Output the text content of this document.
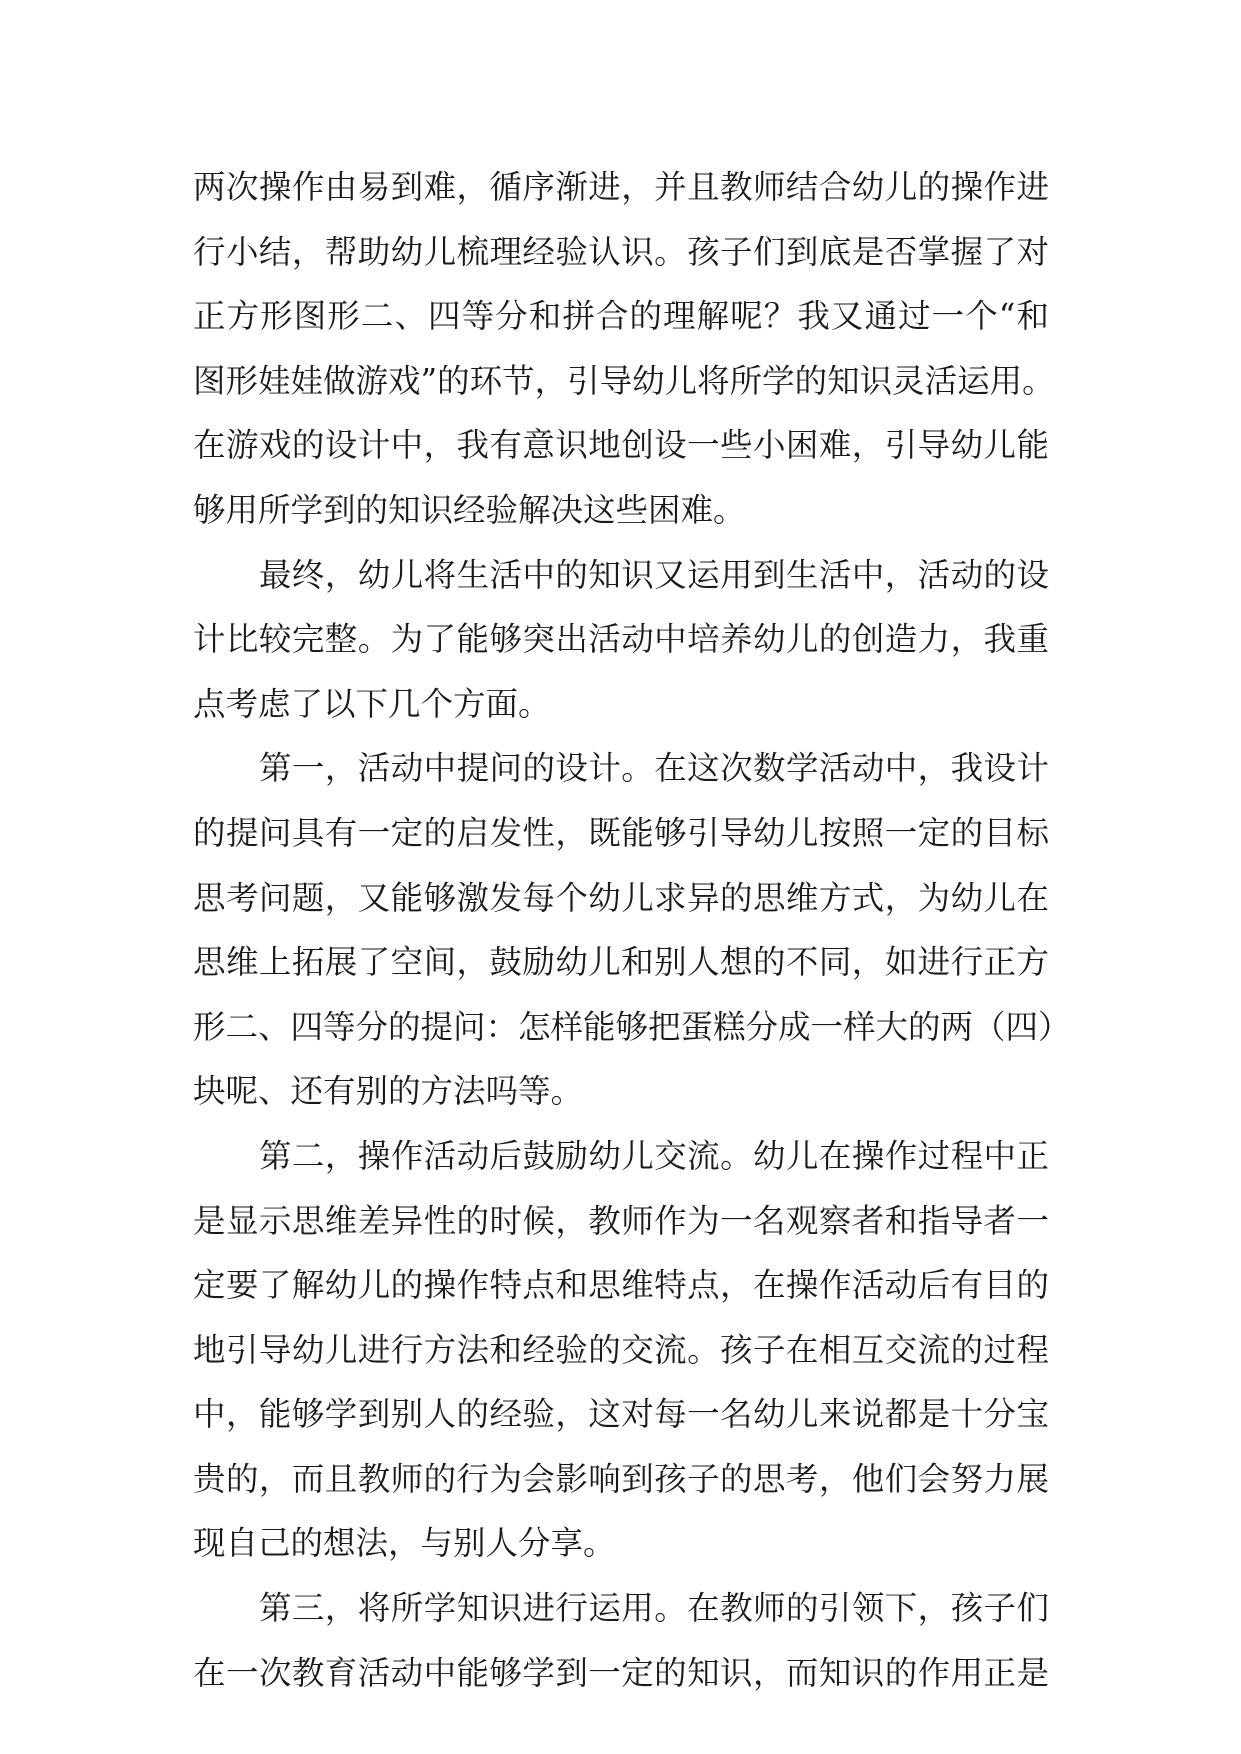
两次操作由易到难，循序渐进，并且教师结合幼儿的操作进
行小结，帮助幼儿梳理经验认识。孩子们到底是否掌握了对
正方形图形二、四等分和拼合的理解呢？我又通过一个“和
图形娃娃做游戏”的环节，引导幼儿将所学的知识灵活运用。
在游戏的设计中，我有意识地创设一些小困难，引导幼儿能
够用所学到的知识经验解决这些困难。
最终，幼儿将生活中的知识又运用到生活中，活动的设
计比较完整。为了能够突出活动中培养幼儿的创造力，我重
点考虑了以下几个方面。
第一，活动中提问的设计。在这次数学活动中，我设计
的提问具有一定的启发性，既能够引导幼儿按照一定的目标
思考问题，又能够激发每个幼儿求异的思维方式，为幼儿在
思维上拓展了空间，鼓励幼儿和别人想的不同，如进行正方
形二、四等分的提问：怎样能够把蛋糕分成一样大的两（四）
块呢、还有别的方法吗等。
第二，操作活动后鼓励幼儿交流。幼儿在操作过程中正
是显示思维差异性的时候，教师作为一名观察者和指导者一
定要了解幼儿的操作特点和思维特点，在操作活动后有目的
地引导幼儿进行方法和经验的交流。孩子在相互交流的过程
中，能够学到别人的经验，这对每一名幼儿来说都是十分宝
贵的，而且教师的行为会影响到孩子的思考，他们会努力展
现自己的想法，与别人分享。
第三，将所学知识进行运用。在教师的引领下，孩子们
在一次教育活动中能够学到一定的知识，而知识的作用正是
